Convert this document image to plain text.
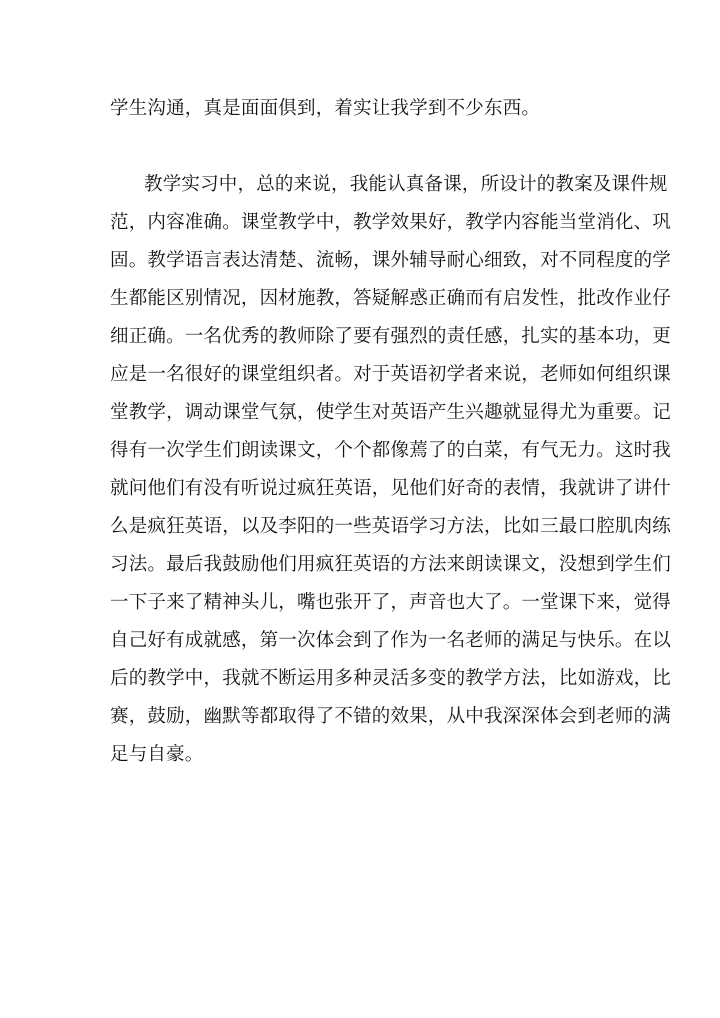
学生沟通，真是面面俱到，着实让我学到不少东西。
教学实习中，总的来说，我能认真备课，所设计的教案及课件规
范，内容准确。课堂教学中，教学效果好，教学内容能当堂消化、巩
固。教学语言表达清楚、流畅，课外辅导耐心细致，对不同程度的学
生都能区别情况，因材施教，答疑解惑正确而有启发性，批改作业仔
细正确。一名优秀的教师除了要有强烈的责任感，扎实的基本功，更
应是一名很好的课堂组织者。对于英语初学者来说，老师如何组织课
堂教学，调动课堂气氛，使学生对英语产生兴趣就显得尤为重要。记
得有一次学生们朗读课文，个个都像蔫了的白菜，有气无力。这时我
就问他们有没有听说过疯狂英语，见他们好奇的表情，我就讲了讲什
么是疯狂英语，以及李阳的一些英语学习方法，比如三最口腔肌肉练
习法。最后我鼓励他们用疯狂英语的方法来朗读课文，没想到学生们
一下子来了精神头儿，嘴也张开了，声音也大了。一堂课下来，觉得
自己好有成就感，第一次体会到了作为一名老师的满足与快乐。在以
后的教学中，我就不断运用多种灵活多变的教学方法，比如游戏，比
赛，鼓励，幽默等都取得了不错的效果，从中我深深体会到老师的满
足与自豪。
